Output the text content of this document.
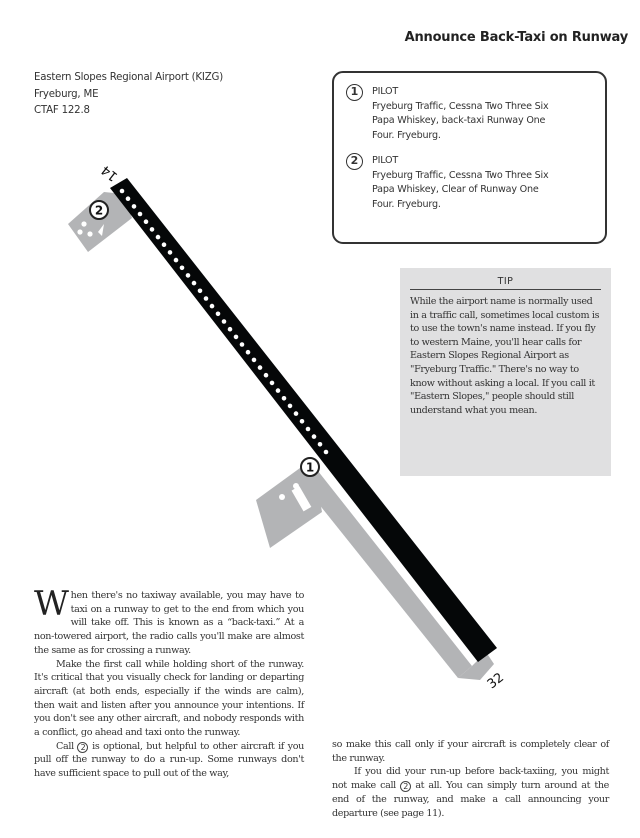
Announce Back-Taxi on Runway
Eastern Slopes Regional Airport (KIZG)
Fryeburg, ME
CTAF 122.8
1	PILOT
Fryeburg Traffic, Cessna Two Three Six Papa Whiskey, back-taxi Runway One Four. Fryeburg.
2	PILOT
Fryeburg Traffic, Cessna Two Three Six Papa Whiskey, Clear of Runway One Four. Fryeburg.
TIP
While the airport name is normally used in a traffic call, sometimes local custom is to use the town's name instead. If you fly to western Maine, you'll hear calls for Eastern Slopes Regional Airport as "Fryeburg Traffic." There's no way to know without asking a local. If you call it "Eastern Slopes," people should still understand what you mean.
14
32
2
1

When there's no taxiway available, you may have to taxi on a runway to get to the end from which you will take off. This is known as a “back-taxi.” At a non-towered airport, the radio calls you'll make are almost the same as for crossing a runway.

Make the first call while holding short of the runway. It's critical that you visually check for landing or departing aircraft (at both ends, especially if the winds are calm), then wait and listen after you announce your intentions. If you don't see any other aircraft, and nobody responds with a conflict, go ahead and taxi onto the runway.

Call 2 is optional, but helpful to other aircraft if you pull off the runway to do a run-up. Some runways don't have sufficient space to pull out of the way,

so make this call only if your aircraft is completely clear of the runway.

If you did your run-up before back-taxiing, you might not make call 2 at all. You can simply turn around at the end of the runway, and make a call announcing your departure (see page 11).
